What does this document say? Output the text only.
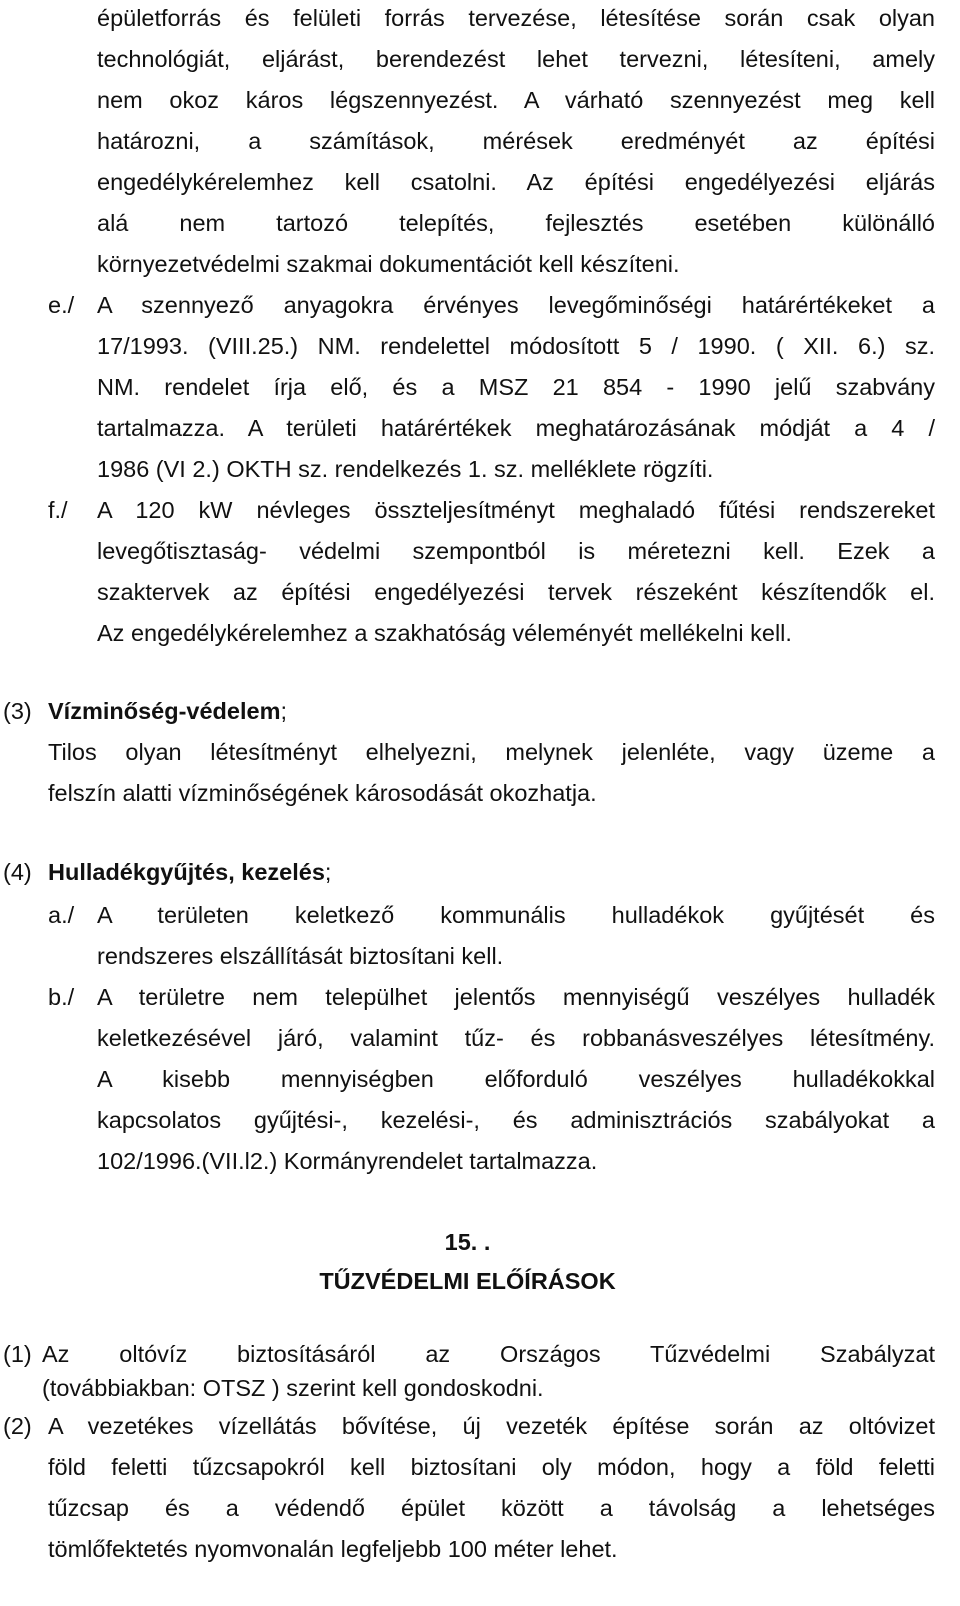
épületforrás és felületi forrás tervezése, létesítése során csak olyan
technológiát, eljárást, berendezést lehet tervezni, létesíteni, amely
nem okoz káros légszennyezést. A várható szennyezést meg kell
határozni, a számítások, mérések eredményét az építési
engedélykérelemhez kell csatolni. Az építési engedélyezési eljárás
alá nem tartozó telepítés, fejlesztés esetében különálló
környezetvédelmi szakmai dokumentációt kell készíteni.
e./ A szennyező anyagokra érvényes levegőminőségi határértékeket a
17/1993. (VIII.25.) NM. rendelettel módosított 5 / 1990. ( XII. 6.) sz.
NM. rendelet írja elő, és a MSZ 21 854 - 1990 jelű szabvány
tartalmazza. A területi határértékek meghatározásának módját a 4 /
1986 (VI 2.) OKTH sz. rendelkezés 1. sz. melléklete rögzíti.
f./ A 120 kW névleges összteljesítményt meghaladó fűtési rendszereket
levegőtisztaság- védelmi szempontból is méretezni kell. Ezek a
szaktervek az építési engedélyezési tervek részeként készítendők el.
Az engedélykérelemhez a szakhatóság véleményét mellékelni kell.
(3) Vízminőség-védelem;
Tilos olyan létesítményt elhelyezni, melynek jelenléte, vagy üzeme a
felszín alatti vízminőségének károsodását okozhatja.
(4) Hulladékgyűjtés, kezelés;
a./ A területen keletkező kommunális hulladékok gyűjtését és
rendszeres elszállítását biztosítani kell.
b./ A területre nem települhet jelentős mennyiségű veszélyes hulladék
keletkezésével járó, valamint tűz- és robbanásveszélyes létesítmény.
A kisebb mennyiségben előforduló veszélyes hulladékokkal
kapcsolatos gyűjtési-, kezelési-, és adminisztrációs szabályokat a
102/1996.(VII.l2.) Kormányrendelet tartalmazza.
15. .
TŰZVÉDELMI ELŐÍRÁSOK
(1) Az oltóvíz biztosításáról az Országos Tűzvédelmi Szabályzat
(továbbiakban: OTSZ ) szerint kell gondoskodni.
(2) A vezetékes vízellátás bővítése, új vezeték építése során az oltóvizet
föld feletti tűzcsapokról kell biztosítani oly módon, hogy a föld feletti
tűzcsap és a védendő épület között a távolság a lehetséges
tömlőfektetés nyomvonalán legfeljebb 100 méter lehet.
